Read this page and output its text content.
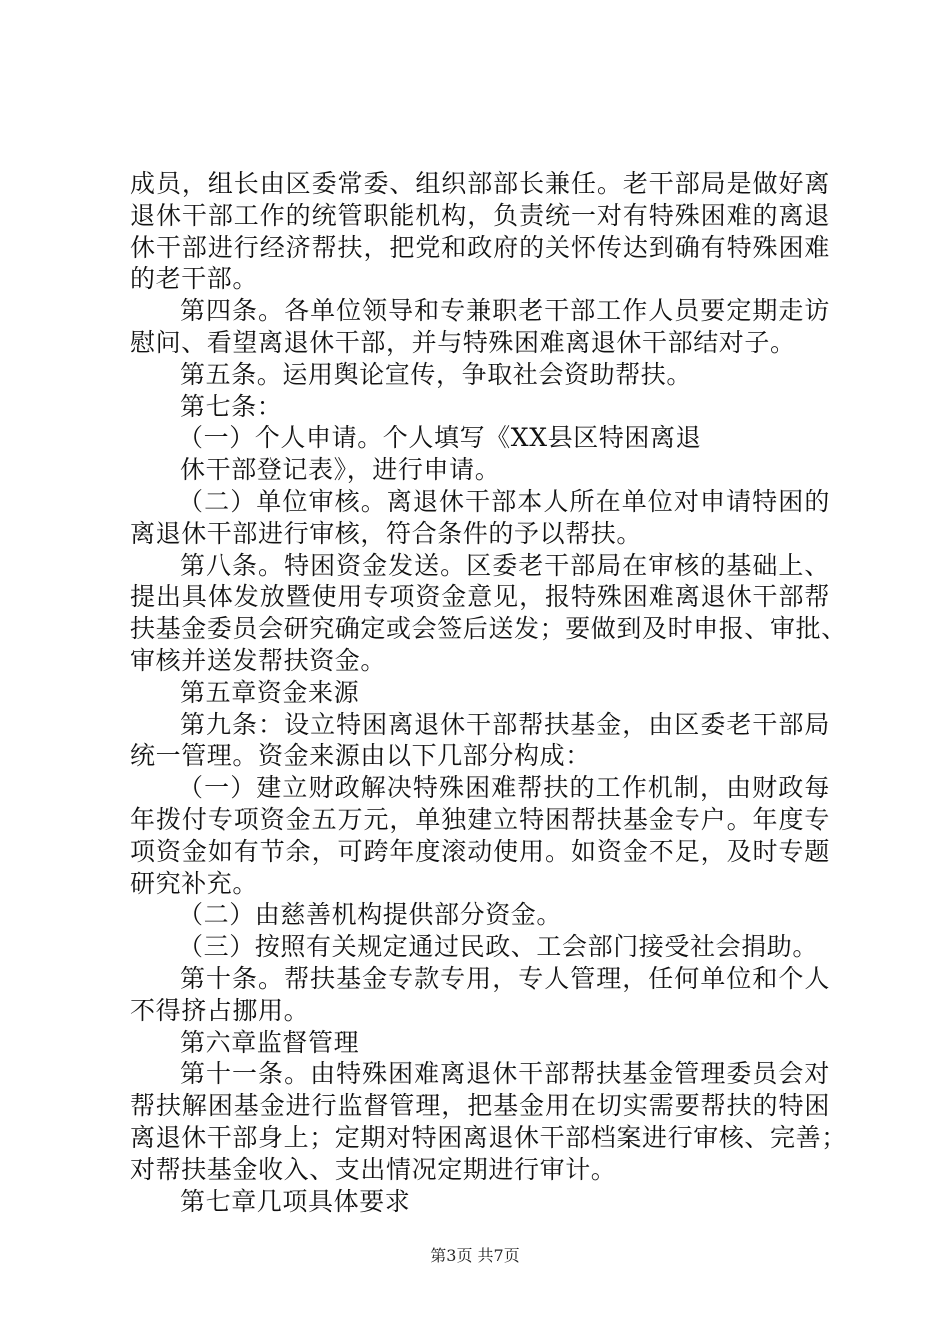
成员，组长由区委常委、组织部部长兼任。老干部局是做好离
退休干部工作的统管职能机构，负责统一对有特殊困难的离退
休干部进行经济帮扶，把党和政府的关怀传达到确有特殊困难
的老干部。
第四条。各单位领导和专兼职老干部工作人员要定期走访
慰问、看望离退休干部，并与特殊困难离退休干部结对子。
第五条。运用舆论宣传，争取社会资助帮扶。
第七条：
（一）个人申请。个人填写《XX县区特困离退
休干部登记表》，进行申请。
（二）单位审核。离退休干部本人所在单位对申请特困的
离退休干部进行审核，符合条件的予以帮扶。
第八条。特困资金发送。区委老干部局在审核的基础上、
提出具体发放暨使用专项资金意见，报特殊困难离退休干部帮
扶基金委员会研究确定或会签后送发；要做到及时申报、审批、
审核并送发帮扶资金。
第五章资金来源
第九条：设立特困离退休干部帮扶基金，由区委老干部局
统一管理。资金来源由以下几部分构成：
（一）建立财政解决特殊困难帮扶的工作机制，由财政每
年拨付专项资金五万元，单独建立特困帮扶基金专户。年度专
项资金如有节余，可跨年度滚动使用。如资金不足，及时专题
研究补充。
（二）由慈善机构提供部分资金。
（三）按照有关规定通过民政、工会部门接受社会捐助。
第十条。帮扶基金专款专用，专人管理，任何单位和个人
不得挤占挪用。
第六章监督管理
第十一条。由特殊困难离退休干部帮扶基金管理委员会对
帮扶解困基金进行监督管理，把基金用在切实需要帮扶的特困
离退休干部身上；定期对特困离退休干部档案进行审核、完善；
对帮扶基金收入、支出情况定期进行审计。
第七章几项具体要求
第3页 共7页
